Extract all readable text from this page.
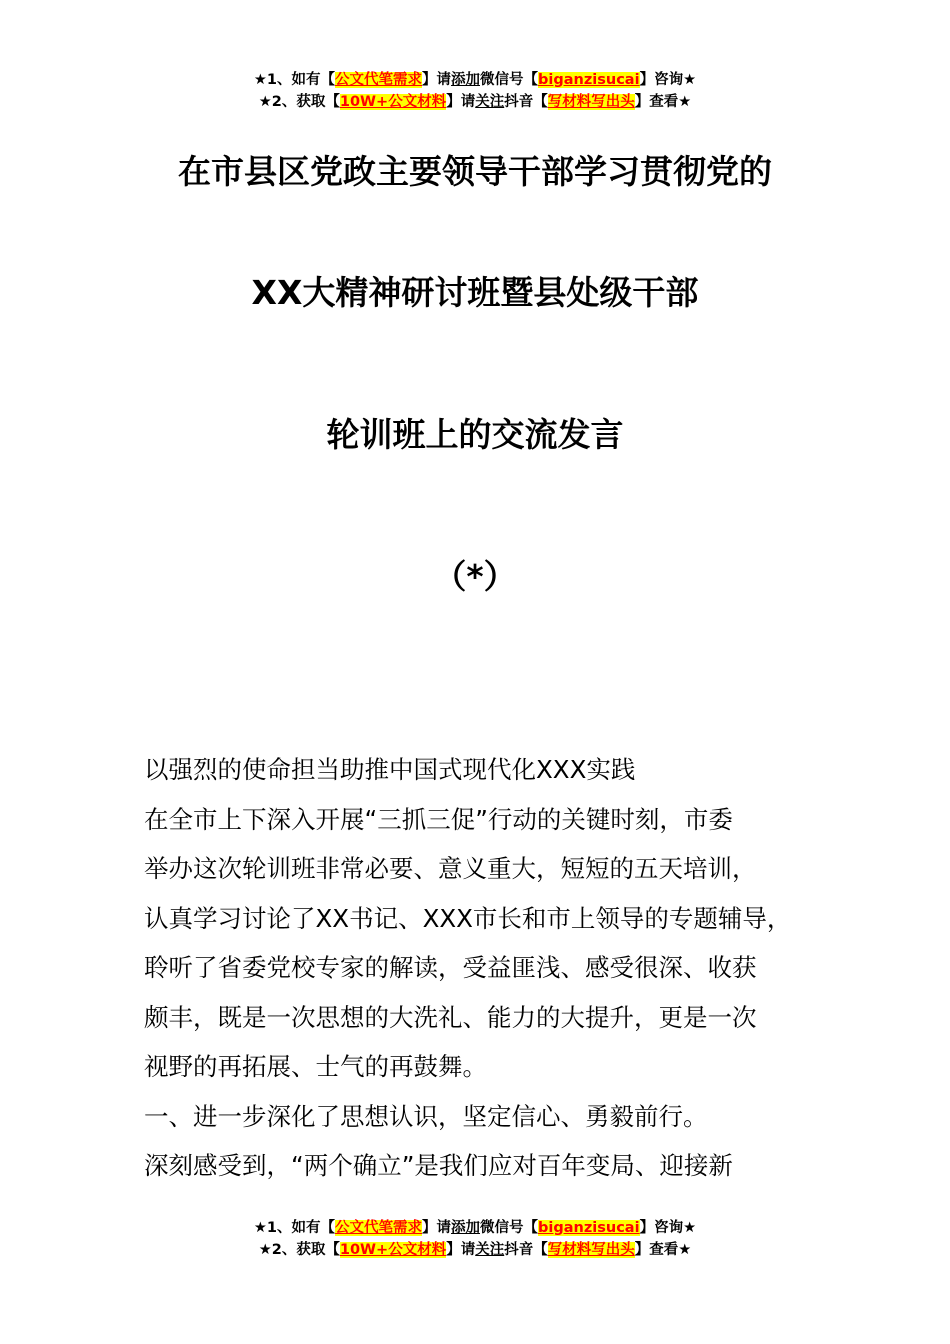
★1、如有【公文代笔需求】请添加微信号【biganzisucai】咨询★
★2、获取【10W+公文材料】请关注抖音【写材料写出头】查看★
在市县区党政主要领导干部学习贯彻党的
XX大精神研讨班暨县处级干部
轮训班上的交流发言
（*）
以强烈的使命担当助推中国式现代化XXX实践
在全市上下深入开展“三抓三促”行动的关键时刻，市委
举办这次轮训班非常必要、意义重大，短短的五天培训，
认真学习讨论了XX书记、XXX市长和市上领导的专题辅导，
聆听了省委党校专家的解读，受益匪浅、感受很深、收获
颇丰，既是一次思想的大洗礼、能力的大提升，更是一次
视野的再拓展、士气的再鼓舞。
一、进一步深化了思想认识，坚定信心、勇毅前行。
深刻感受到，“两个确立”是我们应对百年变局、迎接新
★1、如有【公文代笔需求】请添加微信号【biganzisucai】咨询★
★2、获取【10W+公文材料】请关注抖音【写材料写出头】查看★
